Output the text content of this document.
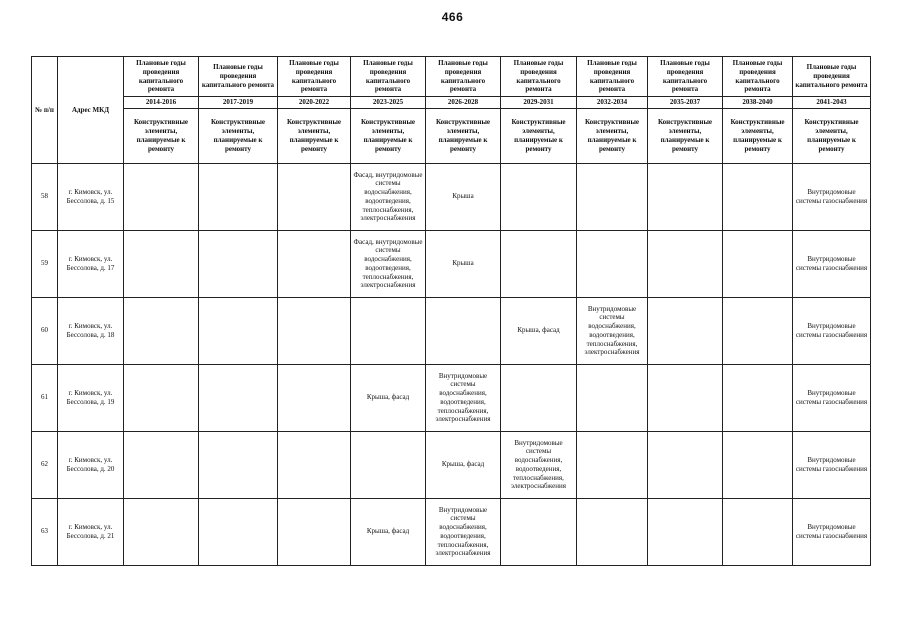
466
№ п/п	Адрес МКД	Плановые годы проведения капитального ремонта	Плановые годы проведения капитального ремонта	Плановые годы проведения капитального ремонта	Плановые годы проведения капитального ремонта	Плановые годы проведения капитального ремонта	Плановые годы проведения капитального ремонта	Плановые годы проведения капитального ремонта	Плановые годы проведения капитального ремонта	Плановые годы проведения капитального ремонта	Плановые годы проведения капитального ремонта
		2014-2016	2017-2019	2020-2022	2023-2025	2026-2028	2029-2031	2032-2034	2035-2037	2038-2040	2041-2043
		Конструктивные элементы, планируемые к ремонту	Конструктивные элементы, планируемые к ремонту	Конструктивные элементы, планируемые к ремонту	Конструктивные элементы, планируемые к ремонту	Конструктивные элементы, планируемые к ремонту	Конструктивные элементы, планируемые к ремонту	Конструктивные элементы, планируемые к ремонту	Конструктивные элементы, планируемые к ремонту	Конструктивные элементы, планируемые к ремонту	Конструктивные элементы, планируемые к ремонту
58	г. Кимовск, ул. Бессолова, д. 15				Фасад, внутридомовые системы водоснабжения, водоотведения, теплоснабжения, электроснабжения	Крыша					Внутридомовые системы газоснабжения
59	г. Кимовск, ул. Бессолова, д. 17				Фасад, внутридомовые системы водоснабжения, водоотведения, теплоснабжения, электроснабжения	Крыша					Внутридомовые системы газоснабжения
60	г. Кимовск, ул. Бессолова, д. 18						Крыша, фасад	Внутридомовые системы водоснабжения, водоотведения, теплоснабжения, электроснабжения			Внутридомовые системы газоснабжения
61	г. Кимовск, ул. Бессолова, д. 19				Крыша, фасад	Внутридомовые системы водоснабжения, водоотведения, теплоснабжения, электроснабжения					Внутридомовые системы газоснабжения
62	г. Кимовск, ул. Бессолова, д. 20					Крыша, фасад	Внутридомовые системы водоснабжения, водоотведения, теплоснабжения, электроснабжения				Внутридомовые системы газоснабжения
63	г. Кимовск, ул. Бессолова, д. 21				Крыша, фасад	Внутридомовые системы водоснабжения, водоотведения, теплоснабжения, электроснабжения					Внутридомовые системы газоснабжения
